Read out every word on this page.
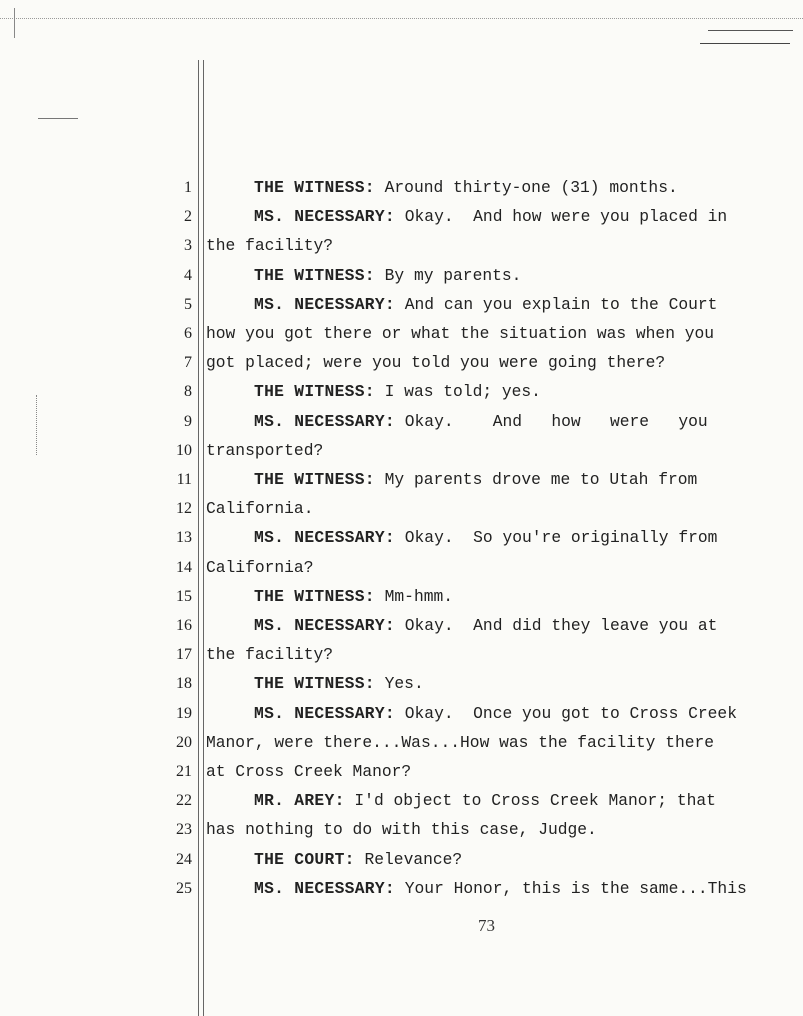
1	THE WITNESS: Around thirty-one (31) months.
2	MS. NECESSARY: Okay.  And how were you placed in
3 the facility?
4	THE WITNESS: By my parents.
5	MS. NECESSARY: And can you explain to the Court
6 how you got there or what the situation was when you
7 got placed; were you told you were going there?
8	THE WITNESS: I was told; yes.
9	MS. NECESSARY: Okay.    And   how   were   you
10 transported?
11	THE WITNESS: My parents drove me to Utah from
12 California.
13	MS. NECESSARY: Okay.  So you're originally from
14 California?
15	THE WITNESS: Mm-hmm.
16	MS. NECESSARY: Okay.  And did they leave you at
17 the facility?
18	THE WITNESS: Yes.
19	MS. NECESSARY: Okay.  Once you got to Cross Creek
20 Manor, were there...Was...How was the facility there
21 at Cross Creek Manor?
22	MR. AREY: I'd object to Cross Creek Manor; that
23 has nothing to do with this case, Judge.
24	THE COURT: Relevance?
25	MS. NECESSARY: Your Honor, this is the same...This
73
